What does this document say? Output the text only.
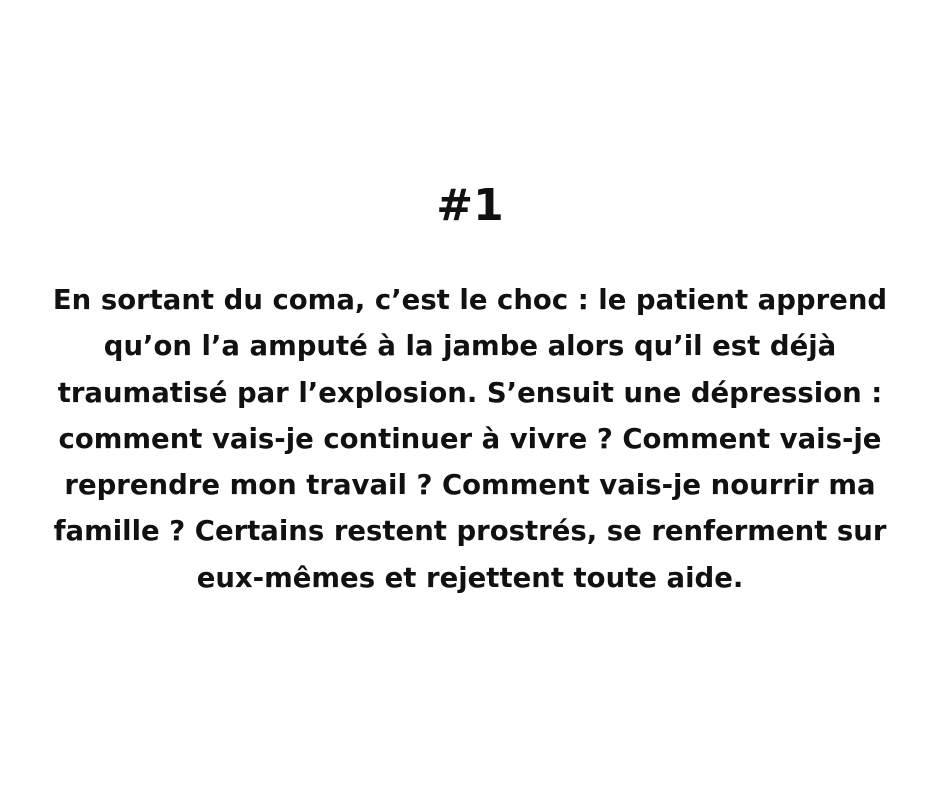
#1
En sortant du coma, c’est le choc : le patient apprend
qu’on l’a amputé à la jambe alors qu’il est déjà
traumatisé par l’explosion. S’ensuit une dépression :
comment vais-je continuer à vivre ? Comment vais-je
reprendre mon travail ? Comment vais-je nourrir ma
famille ? Certains restent prostrés, se renferment sur
eux-mêmes et rejettent toute aide.
